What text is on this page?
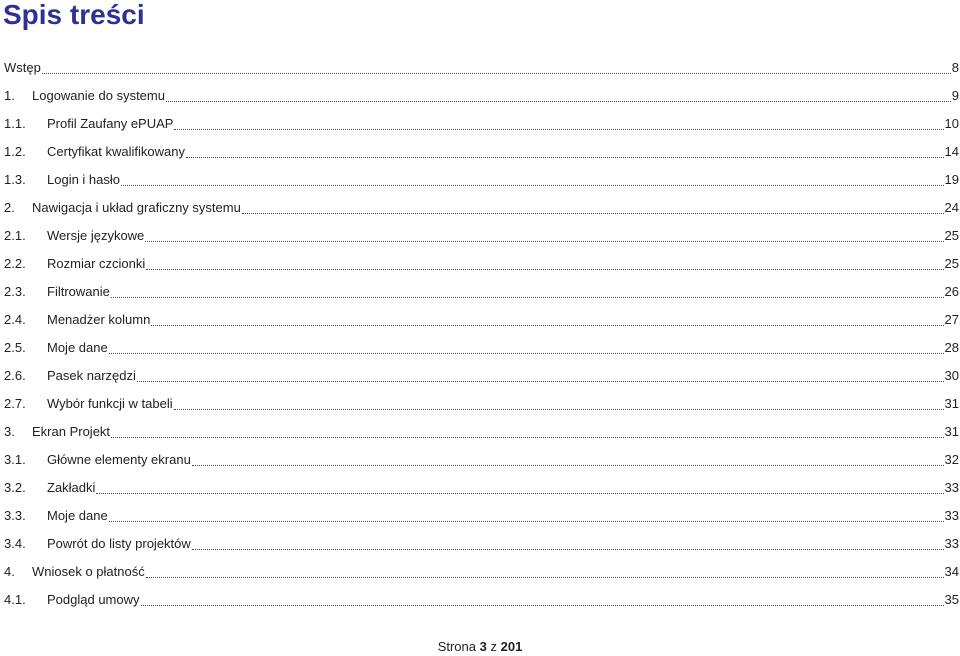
Spis treści
Wstęp	8
1.	Logowanie do systemu	9
1.1.	Profil Zaufany ePUAP	10
1.2.	Certyfikat kwalifikowany	14
1.3.	Login i hasło	19
2.	Nawigacja i układ graficzny systemu	24
2.1.	Wersje językowe	25
2.2.	Rozmiar czcionki	25
2.3.	Filtrowanie	26
2.4.	Menadżer kolumn	27
2.5.	Moje dane	28
2.6.	Pasek narzędzi	30
2.7.	Wybór funkcji w tabeli	31
3.	Ekran Projekt	31
3.1.	Główne elementy ekranu	32
3.2.	Zakładki	33
3.3.	Moje dane	33
3.4.	Powrót do listy projektów	33
4.	Wniosek o płatność	34
4.1.	Podgląd umowy	35
Strona 3 z 201
